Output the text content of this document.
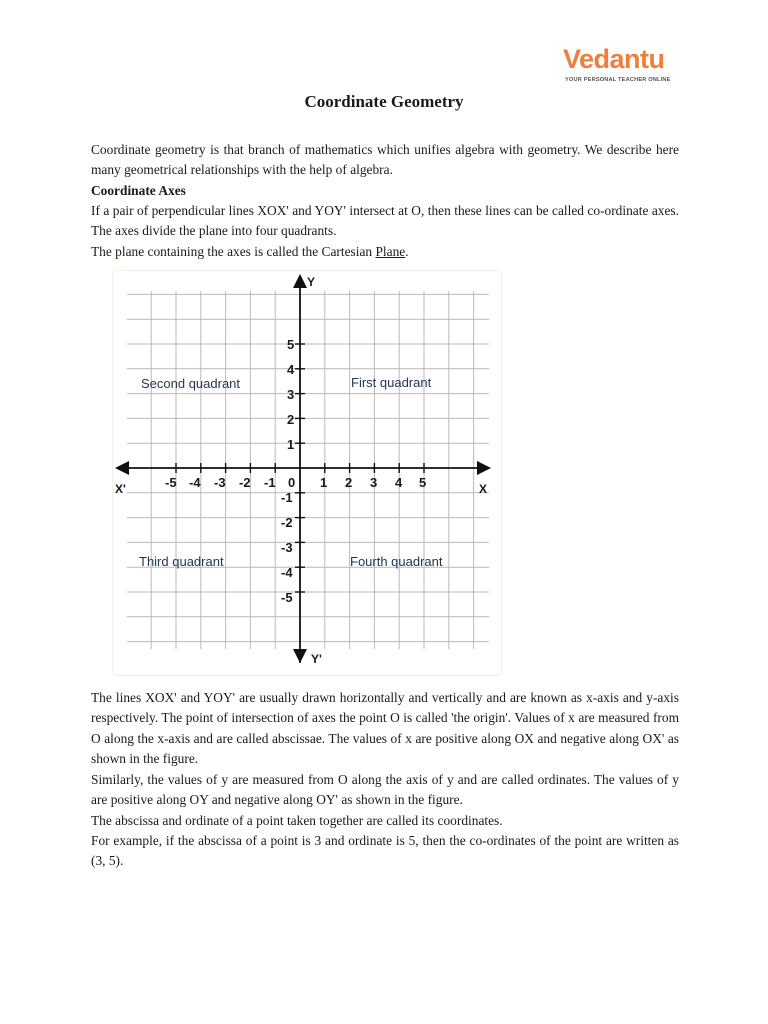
Vedantu
YOUR PERSONAL TEACHER ONLINE
Coordinate Geometry
Coordinate geometry is that branch of mathematics which unifies algebra with geometry. We describe here many geometrical relationships with the help of algebra.
Coordinate Axes
If a pair of perpendicular lines XOX' and YOY' intersect at O, then these lines can be called co-ordinate axes. The axes divide the plane into four quadrants.
The plane containing the axes is called the Cartesian Plane.
X'	X
Y
Y'
0
-5 -4 -3 -2 -1	1 2 3 4 5
5
4
3
2
1
-1
-2
-3
-4
-5
First quadrant
Second quadrant
Third quadrant	Fourth quadrant
The lines XOX' and YOY' are usually drawn horizontally and vertically and are known as x-axis and y-axis respectively. The point of intersection of axes the point O is called 'the origin'. Values of x are measured from O along the x-axis and are called abscissae. The values of x are positive along OX and negative along OX' as shown in the figure.
Similarly, the values of y are measured from O along the axis of y and are called ordinates. The values of y are positive along OY and negative along OY' as shown in the figure.
The abscissa and ordinate of a point taken together are called its coordinates.
For example, if the abscissa of a point is 3 and ordinate is 5, then the co-ordinates of the point are written as (3, 5).
